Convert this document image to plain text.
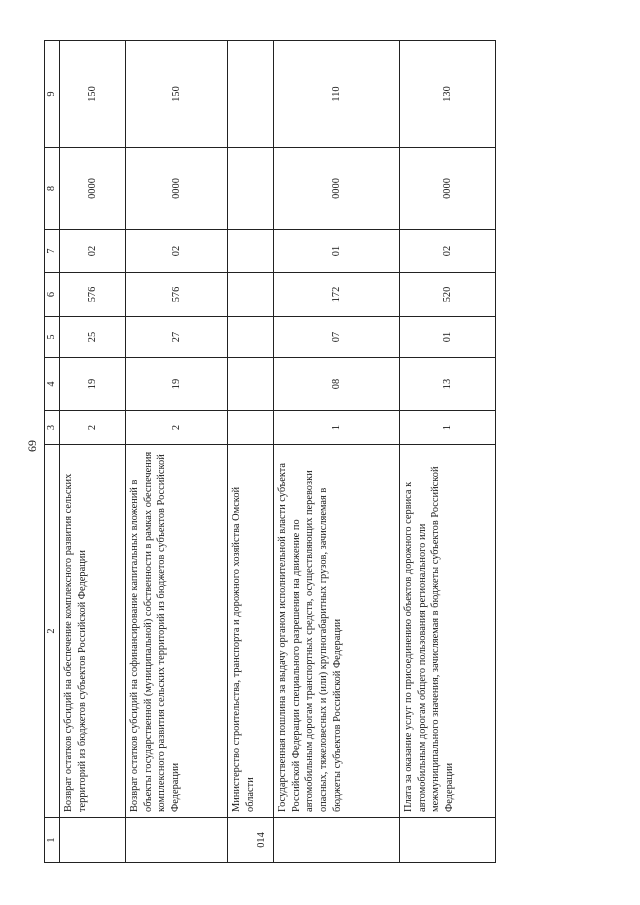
69
1	2	3	4	5	6	7	8	9
	Возврат остатков субсидий на обеспечение комплексного развития сельских территорий из бюджетов субъектов Российской Федерации	2	19	25	576	02	0000	150
	Возврат остатков субсидий на софинансирование капитальных вложений в объекты государственной (муниципальной) собственности в рамках обеспечения комплексного развития сельских территорий из бюджетов субъектов Российской Федерации	2	19	27	576	02	0000	150
014	Министерство строительства, транспорта и дорожного хозяйства Омской области							
	Государственная пошлина за выдачу органом исполнительной власти субъекта Российской Федерации специального разрешения на движение по автомобильным дорогам транспортных средств, осуществляющих перевозки опасных, тяжеловесных и (или) крупногабаритных грузов, зачисляемая в бюджеты субъектов Российской Федерации	1	08	07	172	01	0000	110
	Плата за оказание услуг по присоединению объектов дорожного сервиса к автомобильным дорогам общего пользования регионального или межмуниципального значения, зачисляемая в бюджеты субъектов Российской Федерации	1	13	01	520	02	0000	130
